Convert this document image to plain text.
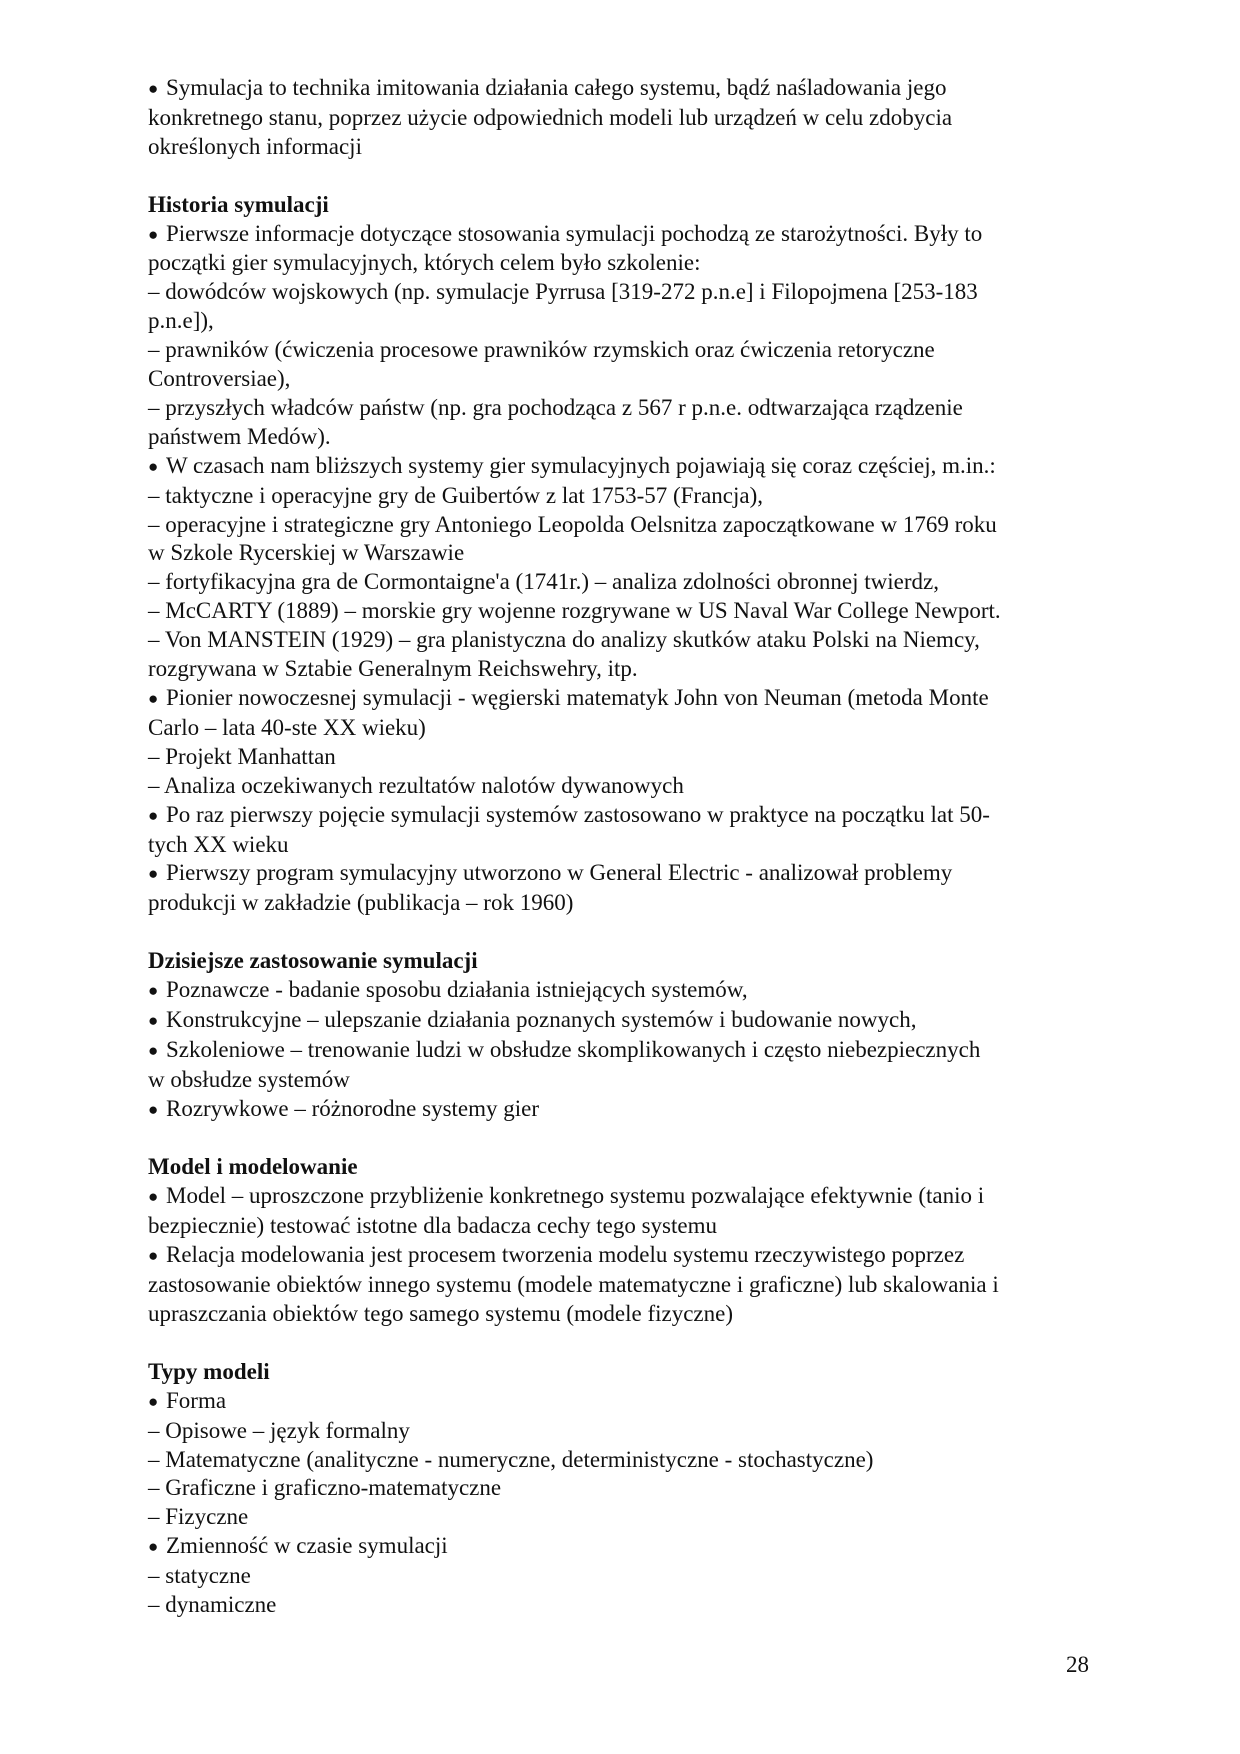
● Symulacja to technika imitowania działania całego systemu, bądź naśladowania jego
konkretnego stanu, poprzez użycie odpowiednich modeli lub urządzeń w celu zdobycia
określonych informacji
Historia symulacji
● Pierwsze informacje dotyczące stosowania symulacji pochodzą ze starożytności. Były to
początki gier symulacyjnych, których celem było szkolenie:
– dowódców wojskowych (np. symulacje Pyrrusa [319-272 p.n.e] i Filopojmena [253-183
p.n.e]),
– prawników (ćwiczenia procesowe prawników rzymskich oraz ćwiczenia retoryczne
Controversiae),
– przyszłych władców państw (np. gra pochodząca z 567 r p.n.e. odtwarzająca rządzenie
państwem Medów).
● W czasach nam bliższych systemy gier symulacyjnych pojawiają się coraz częściej, m.in.:
– taktyczne i operacyjne gry de Guibertów z lat 1753-57 (Francja),
– operacyjne i strategiczne gry Antoniego Leopolda Oelsnitza zapoczątkowane w 1769 roku
w Szkole Rycerskiej w Warszawie
– fortyfikacyjna gra de Cormontaigne'a (1741r.) – analiza zdolności obronnej twierdz,
– McCARTY (1889) – morskie gry wojenne rozgrywane w US Naval War College Newport.
– Von MANSTEIN (1929) – gra planistyczna do analizy skutków ataku Polski na Niemcy,
rozgrywana w Sztabie Generalnym Reichswehry, itp.
● Pionier nowoczesnej symulacji - węgierski matematyk John von Neuman (metoda Monte
Carlo – lata 40-ste XX wieku)
– Projekt Manhattan
– Analiza oczekiwanych rezultatów nalotów dywanowych
● Po raz pierwszy pojęcie symulacji systemów zastosowano w praktyce na początku lat 50-
tych XX wieku
● Pierwszy program symulacyjny utworzono w General Electric - analizował problemy
produkcji w zakładzie (publikacja – rok 1960)
Dzisiejsze zastosowanie symulacji
● Poznawcze - badanie sposobu działania istniejących systemów,
● Konstrukcyjne – ulepszanie działania poznanych systemów i budowanie nowych,
● Szkoleniowe – trenowanie ludzi w obsłudze skomplikowanych i często niebezpiecznych
w obsłudze systemów
● Rozrywkowe – różnorodne systemy gier
Model i modelowanie
● Model – uproszczone przybliżenie konkretnego systemu pozwalające efektywnie (tanio i
bezpiecznie) testować istotne dla badacza cechy tego systemu
● Relacja modelowania jest procesem tworzenia modelu systemu rzeczywistego poprzez
zastosowanie obiektów innego systemu (modele matematyczne i graficzne) lub skalowania i
upraszczania obiektów tego samego systemu (modele fizyczne)
Typy modeli
● Forma
– Opisowe – język formalny
– Matematyczne (analityczne - numeryczne, deterministyczne - stochastyczne)
– Graficzne i graficzno-matematyczne
– Fizyczne
● Zmienność w czasie symulacji
– statyczne
– dynamiczne
28
